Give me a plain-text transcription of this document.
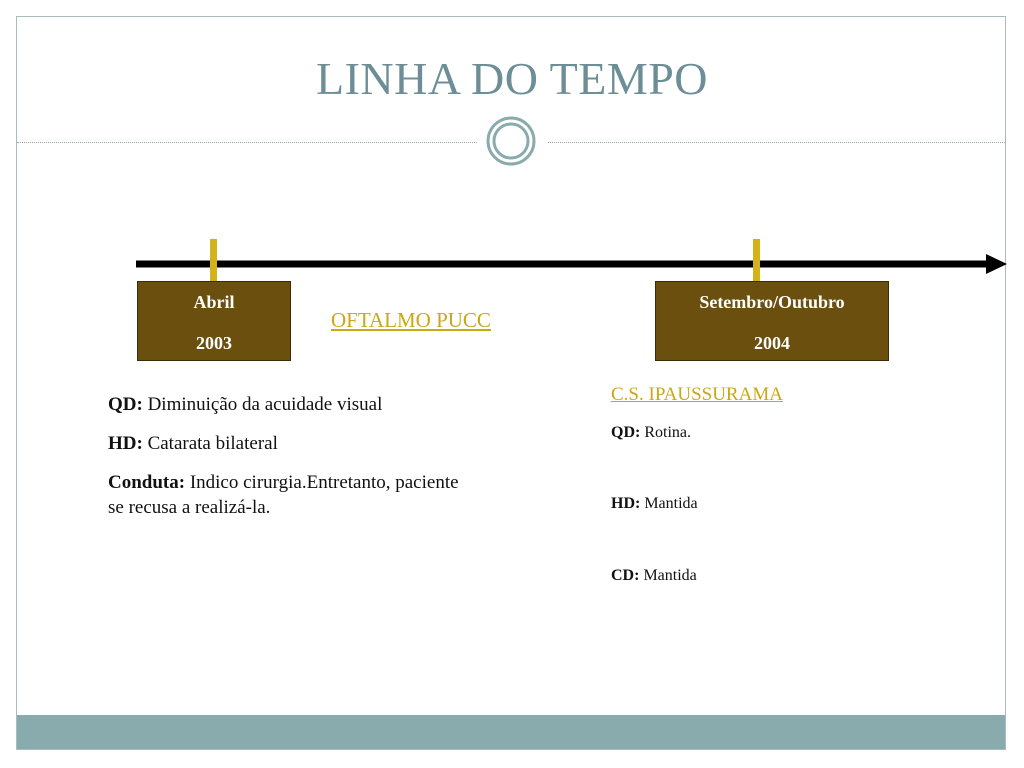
LINHA DO TEMPO
Abril
2003
Setembro/Outubro
2004
OFTALMO PUCC
C.S. IPAUSSURAMA

QD: Diminuição da acuidade visual

HD: Catarata bilateral

Conduta: Indico cirurgia.Entretanto, paciente se recusa a realizá-la.

QD: Rotina.
HD: Mantida
CD: Mantida
